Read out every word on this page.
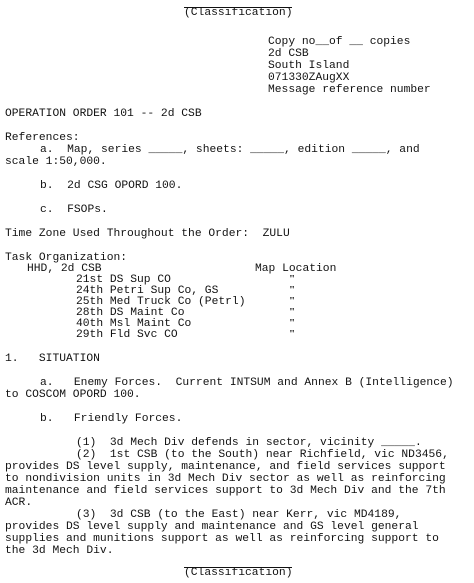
(Classification)
Copy no__of __ copies
2d CSB
South Island
071330ZAugXX
Message reference number
OPERATION ORDER 101 -- 2d CSB
References:
a.  Map, series _____, sheets: _____, edition _____, and
scale 1:50,000.
b.  2d CSG OPORD 100.
c.  FSOPs.
Time Zone Used Throughout the Order:  ZULU
Task Organization:
HHD, 2d CSB	Map Location
21st DS Sup CO
24th Petri Sup Co, GS
25th Med Truck Co (Petrl)
28th DS Maint Co
40th Msl Maint Co
29th Fld Svc CO
"
"
"
"
"
"
1.   SITUATION
a.   Enemy Forces.  Current INTSUM and Annex B (Intelligence)
to COSCOM OPORD 100.
b.   Friendly Forces.
(1)  3d Mech Div defends in sector, vicinity _____.
(2)  1st CSB (to the South) near Richfield, vic ND3456,
provides DS level supply, maintenance, and field services support
to nondivision units in 3d Mech Div sector as well as reinforcing
maintenance and field services support to 3d Mech Div and the 7th
ACR.
(3)  3d CSB (to the East) near Kerr, vic MD4189,
provides DS level supply and maintenance and GS level general
supplies and munitions support as well as reinforcing support to
the 3d Mech Div.
(Classification)
